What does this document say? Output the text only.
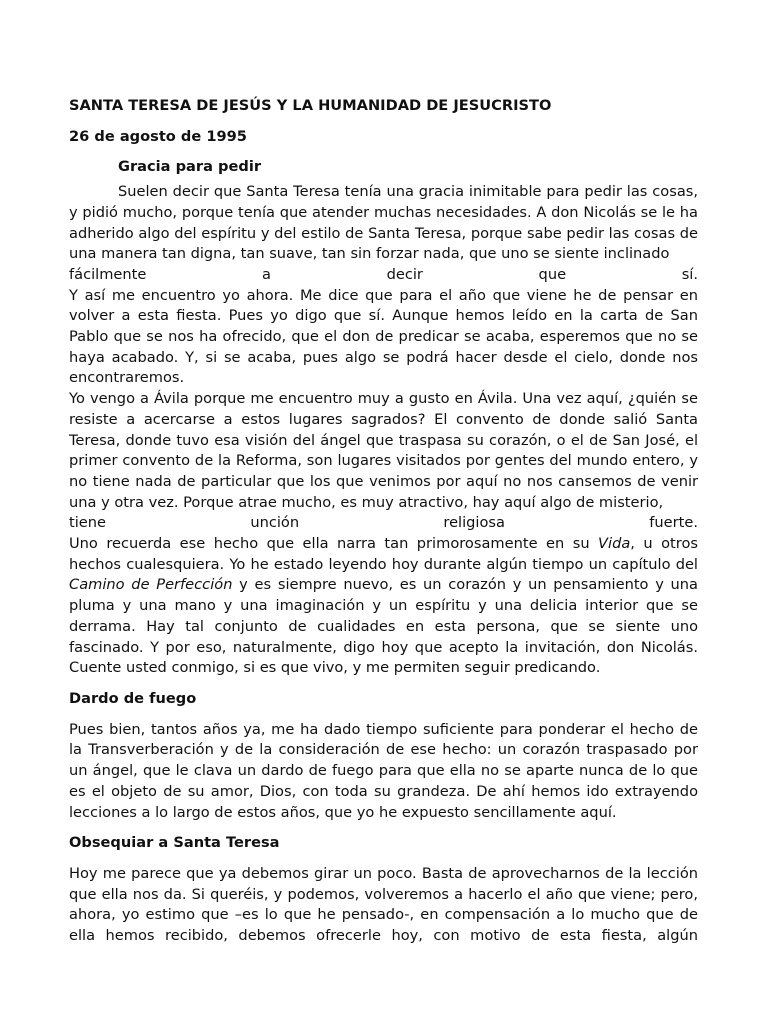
SANTA TERESA DE JESÚS Y LA HUMANIDAD DE JESUCRISTO

26 de agosto de 1995

Gracia para pedir

Suelen decir que Santa Teresa tenía una gracia inimitable para pedir las cosas, y pidió mucho, porque tenía que atender muchas necesidades. A don Nicolás se le ha adherido algo del espíritu y del estilo de Santa Teresa, porque sabe pedir las cosas de una manera tan digna, tan suave, tan sin forzar nada, que uno se siente inclinado

fácilmente a decir que sí.

Y así me encuentro yo ahora. Me dice que para el año que viene he de pensar en volver a esta fiesta. Pues yo digo que sí. Aunque hemos leído en la carta de San Pablo que se nos ha ofrecido, que el don de predicar se acaba, esperemos que no se haya acabado. Y, si se acaba, pues algo se podrá hacer desde el cielo, donde nos encontraremos.

Yo vengo a Ávila porque me encuentro muy a gusto en Ávila. Una vez aquí, ¿quién se resiste a acercarse a estos lugares sagrados? El convento de donde salió Santa Teresa, donde tuvo esa visión del ángel que traspasa su corazón, o el de San José, el primer convento de la Reforma, son lugares visitados por gentes del mundo entero, y no tiene nada de particular que los que venimos por aquí no nos cansemos de venir una y otra vez. Porque atrae mucho, es muy atractivo, hay aquí algo de misterio,

tiene unción religiosa fuerte.

Uno recuerda ese hecho que ella narra tan primorosamente en su Vida, u otros hechos cualesquiera. Yo he estado leyendo hoy durante algún tiempo un capítulo del Camino de Perfección y es siempre nuevo, es un corazón y un pensamiento y una pluma y una mano y una imaginación y un espíritu y una delicia interior que se derrama. Hay tal conjunto de cualidades en esta persona, que se siente uno fascinado. Y por eso, naturalmente, digo hoy que acepto la invitación, don Nicolás. Cuente usted conmigo, si es que vivo, y me permiten seguir predicando.

Dardo de fuego

Pues bien, tantos años ya, me ha dado tiempo suficiente para ponderar el hecho de la Transverberación y de la consideración de ese hecho: un corazón traspasado por un ángel, que le clava un dardo de fuego para que ella no se aparte nunca de lo que es el objeto de su amor, Dios, con toda su grandeza. De ahí hemos ido extrayendo lecciones a lo largo de estos años, que yo he expuesto sencillamente aquí.

Obsequiar a Santa Teresa

Hoy me parece que ya debemos girar un poco. Basta de aprovecharnos de la lección que ella nos da. Si queréis, y podemos, volveremos a hacerlo el año que viene; pero, ahora, yo estimo que –es lo que he pensado-, en compensación a lo mucho que de ella hemos recibido, debemos ofrecerle hoy, con motivo de esta fiesta, algún
